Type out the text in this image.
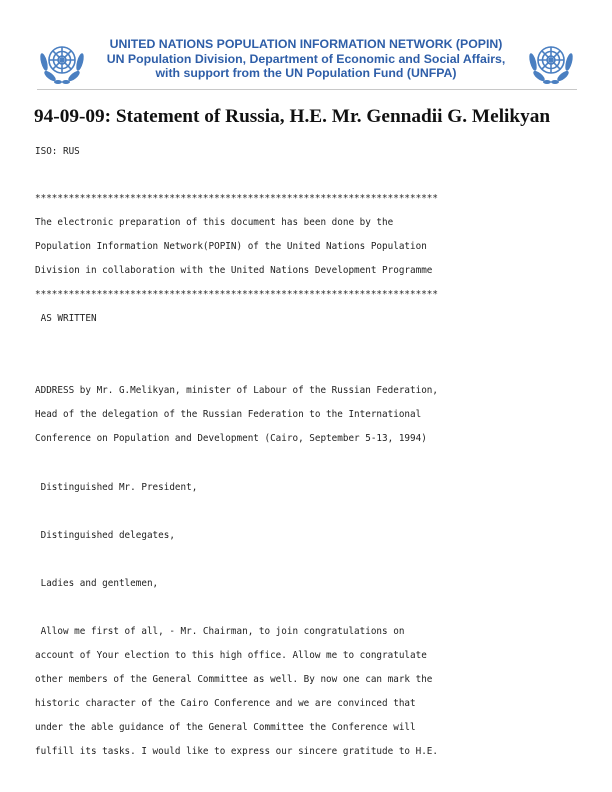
UNITED NATIONS POPULATION INFORMATION NETWORK (POPIN)
UN Population Division, Department of Economic and Social Affairs,
with support from the UN Population Fund (UNFPA)
94-09-09: Statement of Russia, H.E. Mr. Gennadii G. Melikyan
ISO: RUS
************************************************************************
The electronic preparation of this document has been done by the
Population Information Network(POPIN) of the United Nations Population
Division in collaboration with the United Nations Development Programme
************************************************************************
AS WRITTEN
ADDRESS by Mr. G.Melikyan, minister of Labour of the Russian Federation,
Head of the delegation of the Russian Federation to the International
Conference on Population and Development (Cairo, September 5-13, 1994)
Distinguished Mr. President,
Distinguished delegates,
Ladies and gentlemen,
Allow me first of all, - Mr. Chairman, to join congratulations on
account of Your election to this high office. Allow me to congratulate
other members of the General Committee as well. By now one can mark the
historic character of the Cairo Conference and we are convinced that
under the able guidance of the General Committee the Conference will
fulfill its tasks. I would like to express our sincere gratitude to H.E.
